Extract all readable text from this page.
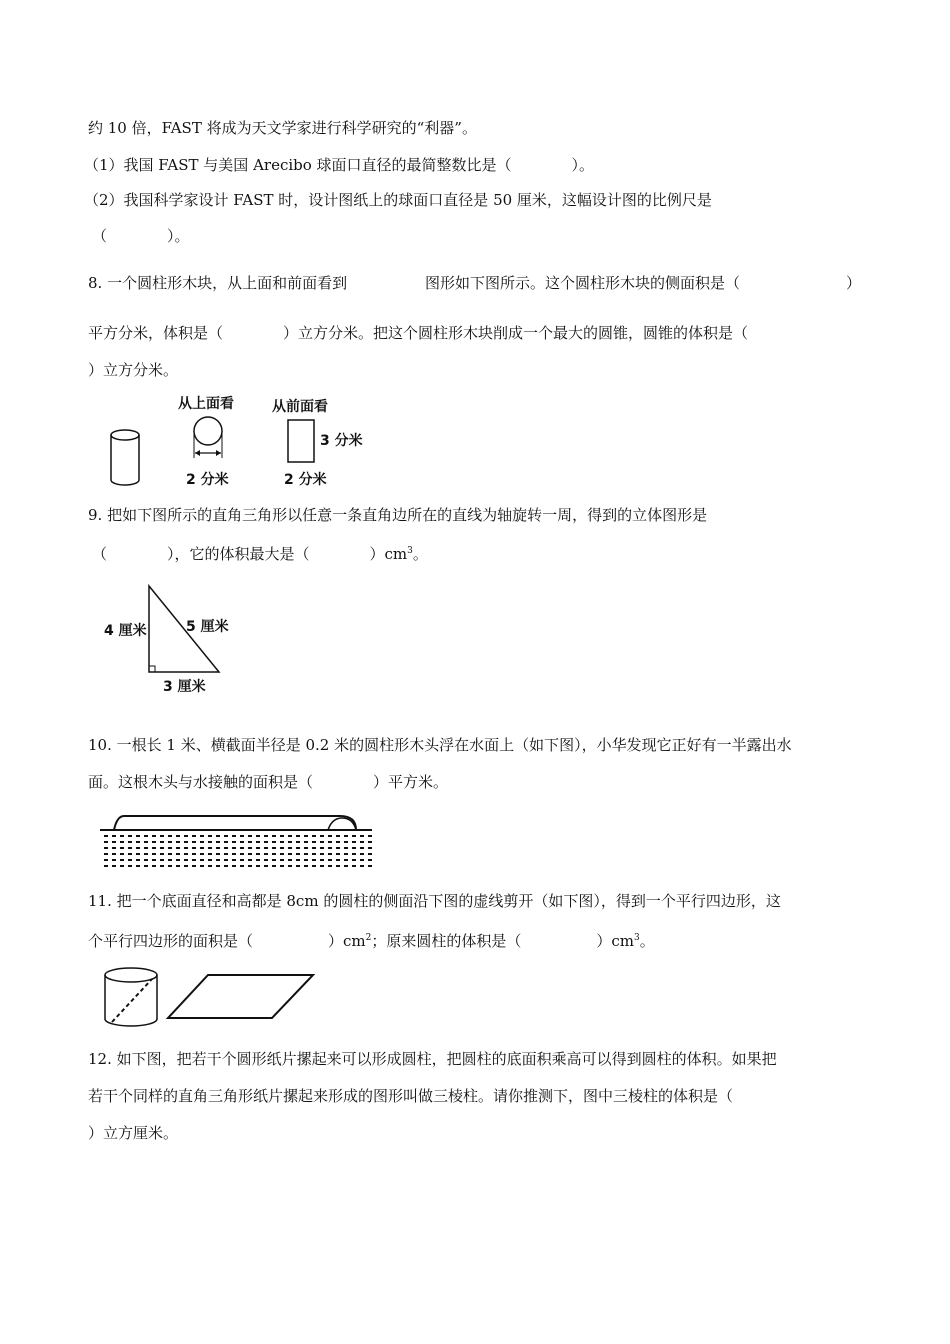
约 10 倍，FAST 将成为天文学家进行科学研究的“利器”。
（1）我国 FAST 与美国 Arecibo 球面口直径的最简整数比是（　　　　）。
（2）我国科学家设计 FAST 时，设计图纸上的球面口直径是 50 厘米，这幅设计图的比例尺是
（　　　　）。
8. 一个圆柱形木块，从上面和前面看到	图形如下图所示。这个圆柱形木块的侧面积是（	）
平方分米，体积是（　　　　）立方分米。把这个圆柱形木块削成一个最大的圆锥，圆锥的体积是（
）立方分米。
从上面看
2 分米
从前面看
3 分米
2 分米
9. 把如下图所示的直角三角形以任意一条直角边所在的直线为轴旋转一周，得到的立体图形是
（　　　　），它的体积最大是（　　　　）$cm^3$。
4 厘米	5 厘米
3 厘米
10. 一根长 1 米、横截面半径是 0.2 米的圆柱形木头浮在水面上（如下图），小华发现它正好有一半露出水
面。这根木头与水接触的面积是（　　　　）平方米。
11. 把一个底面直径和高都是 8cm 的圆柱的侧面沿下图的虚线剪开（如下图），得到一个平行四边形，这
个平行四边形的面积是（　　　　　）$cm^2$；原来圆柱的体积是（　　　　　）$cm^3$。
12. 如下图，把若干个圆形纸片摞起来可以形成圆柱，把圆柱的底面积乘高可以得到圆柱的体积。如果把
若干个同样的直角三角形纸片摞起来形成的图形叫做三棱柱。请你推测下，图中三棱柱的体积是（
）立方厘米。
